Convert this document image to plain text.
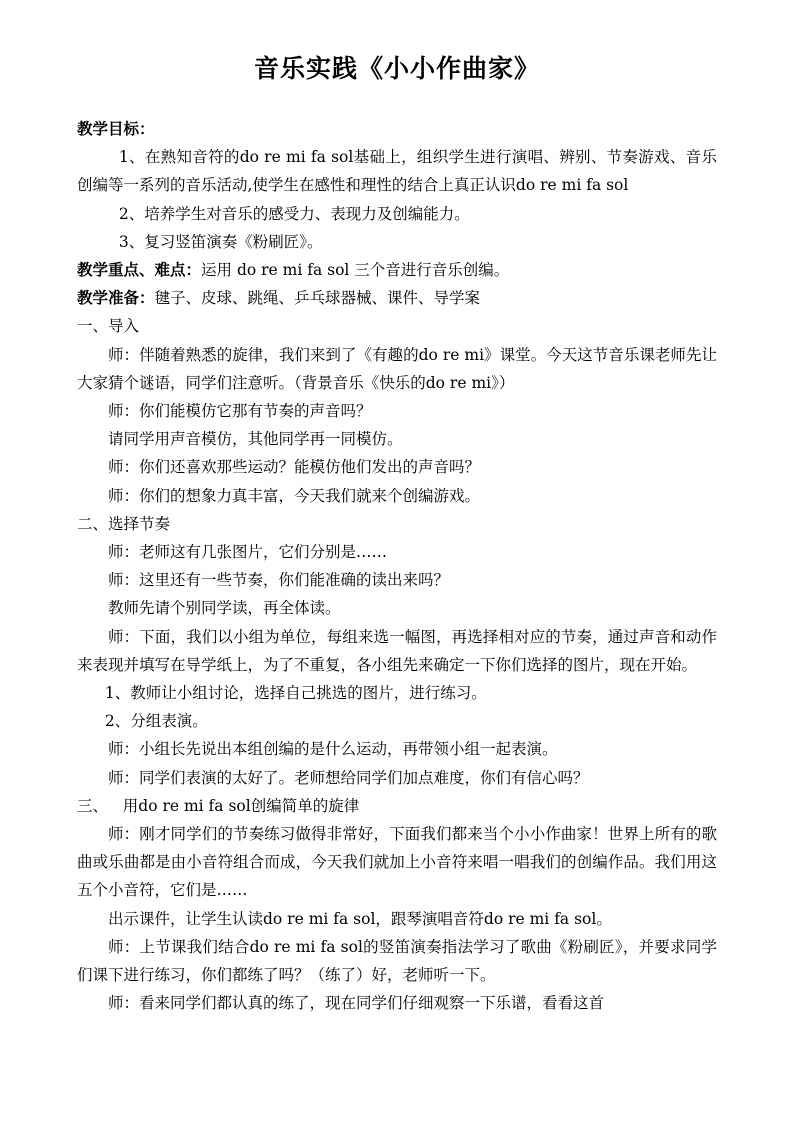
音乐实践《小小作曲家》

教学目标：

1、在熟知音符的do re mi fa sol基础上，组织学生进行演唱、辨别、节奏游戏、音乐创编等一系列的音乐活动,使学生在感性和理性的结合上真正认识do re mi fa sol

2、培养学生对音乐的感受力、表现力及创编能力。

3、复习竖笛演奏《粉刷匠》。

教学重点、难点：运用 do re mi fa sol 三个音进行音乐创编。

教学准备：毽子、皮球、跳绳、乒乓球器械、课件、导学案

一、导入

师：伴随着熟悉的旋律，我们来到了《有趣的do re mi》课堂。今天这节音乐课老师先让大家猜个谜语，同学们注意听。（背景音乐《快乐的do re mi》）

师：你们能模仿它那有节奏的声音吗？

请同学用声音模仿，其他同学再一同模仿。

师：你们还喜欢那些运动？能模仿他们发出的声音吗？

师：你们的想象力真丰富，今天我们就来个创编游戏。

二、选择节奏

师：老师这有几张图片，它们分别是……

师：这里还有一些节奏，你们能准确的读出来吗？

教师先请个别同学读，再全体读。

师：下面，我们以小组为单位，每组来选一幅图，再选择相对应的节奏，通过声音和动作来表现并填写在导学纸上，为了不重复，各小组先来确定一下你们选择的图片，现在开始。

1、教师让小组讨论，选择自己挑选的图片，进行练习。

2、分组表演。

师：小组长先说出本组创编的是什么运动，再带领小组一起表演。

师：同学们表演的太好了。老师想给同学们加点难度，你们有信心吗？

三、   用do re mi fa sol创编简单的旋律

师：刚才同学们的节奏练习做得非常好，下面我们都来当个小小作曲家！世界上所有的歌曲或乐曲都是由小音符组合而成，今天我们就加上小音符来唱一唱我们的创编作品。我们用这五个小音符，它们是……

出示课件，让学生认读do re mi fa sol，跟琴演唱音符do re mi fa sol。

师：上节课我们结合do re mi fa sol的竖笛演奏指法学习了歌曲《粉刷匠》，并要求同学们课下进行练习，你们都练了吗？（练了）好，老师听一下。

师：看来同学们都认真的练了，现在同学们仔细观察一下乐谱，看看这首
